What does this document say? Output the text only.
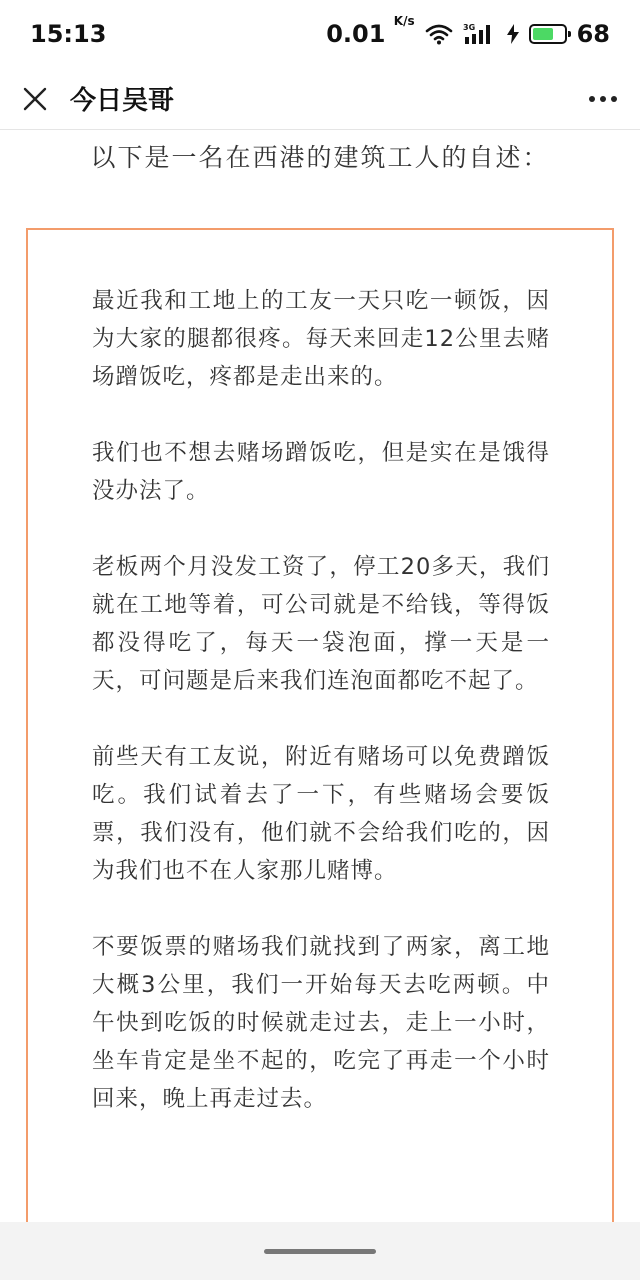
15:13	0.01 $^{K/s}$	3G	68
今日吴哥
以下是一名在西港的建筑工人的自述：

最近我和工地上的工友一天只吃一顿饭，因为大家的腿都很疼。每天来回走12公里去赌场蹭饭吃，疼都是走出来的。

我们也不想去赌场蹭饭吃，但是实在是饿得没办法了。

老板两个月没发工资了，停工20多天，我们就在工地等着，可公司就是不给钱，等得饭都没得吃了，每天一袋泡面，撑一天是一天，可问题是后来我们连泡面都吃不起了。

前些天有工友说，附近有赌场可以免费蹭饭吃。我们试着去了一下，有些赌场会要饭票，我们没有，他们就不会给我们吃的，因为我们也不在人家那儿赌博。

不要饭票的赌场我们就找到了两家，离工地大概3公里，我们一开始每天去吃两顿。中午快到吃饭的时候就走过去，走上一小时，坐车肯定是坐不起的，吃完了再走一个小时回来，晚上再走过去。
